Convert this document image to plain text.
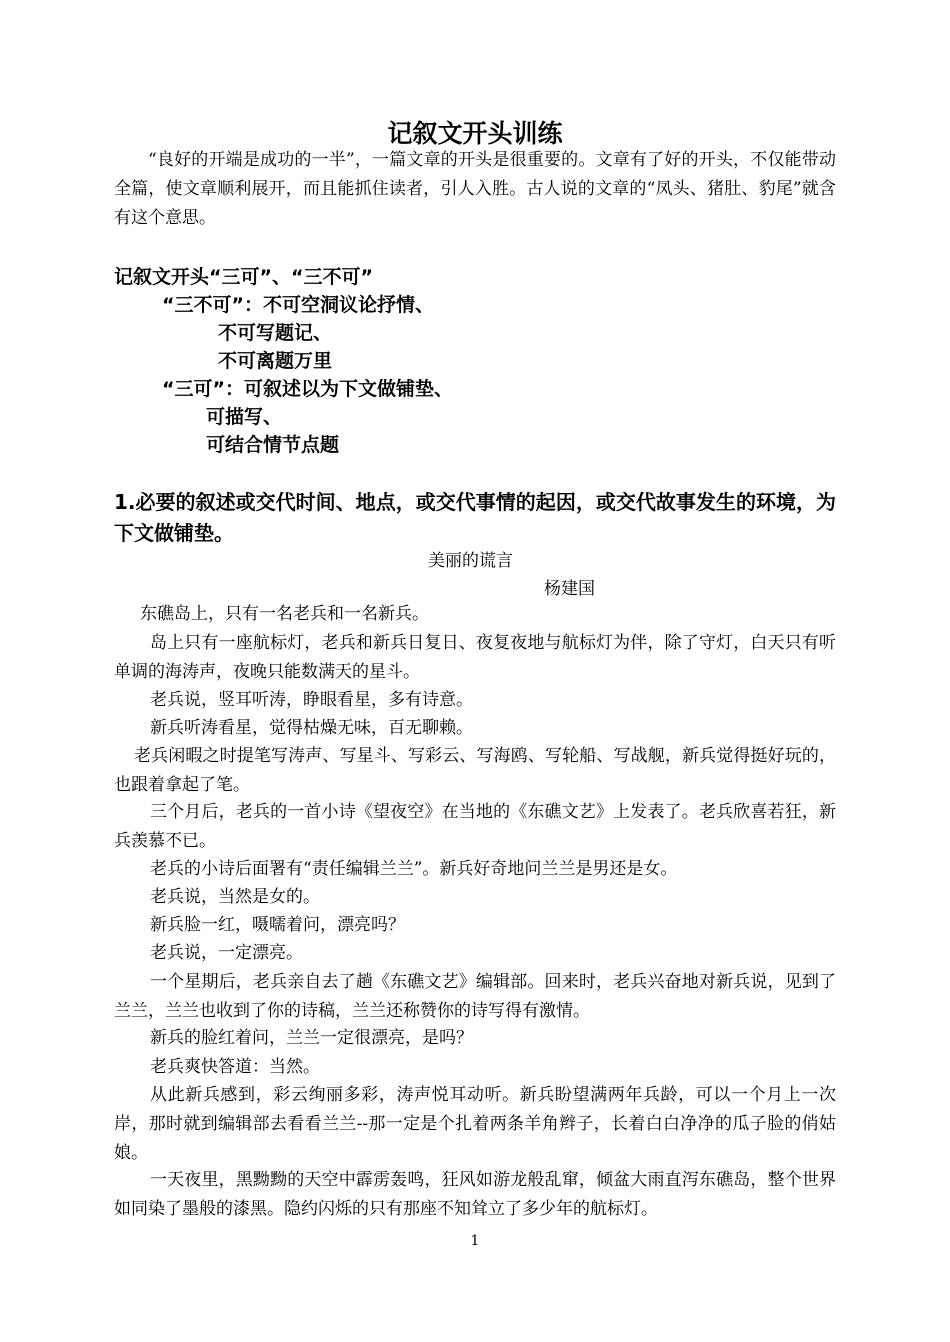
记叙文开头训练
“良好的开端是成功的一半”，一篇文章的开头是很重要的。文章有了好的开头，不仅能带动全篇，使文章顺利展开，而且能抓住读者，引人入胜。古人说的文章的“凤头、猪肚、豹尾”就含有这个意思。
记叙文开头“三可”、“三不可”
“三不可”：不可空洞议论抒情、
不可写题记、
不可离题万里
“三可”：可叙述以为下文做铺垫、
可描写、
可结合情节点题
1.必要的叙述或交代时间、地点，或交代事情的起因，或交代故事发生的环境，为下文做铺垫。
美丽的谎言
杨建国
东礁岛上，只有一名老兵和一名新兵。
岛上只有一座航标灯，老兵和新兵日复日、夜复夜地与航标灯为伴，除了守灯，白天只有听单调的海涛声，夜晚只能数满天的星斗。
老兵说，竖耳听涛，睁眼看星，多有诗意。
新兵听涛看星，觉得枯燥无味，百无聊赖。
老兵闲暇之时提笔写涛声、写星斗、写彩云、写海鸥、写轮船、写战舰，新兵觉得挺好玩的，也跟着拿起了笔。
三个月后，老兵的一首小诗《望夜空》在当地的《东礁文艺》上发表了。老兵欣喜若狂，新兵羡慕不已。
老兵的小诗后面署有“责任编辑兰兰”。新兵好奇地问兰兰是男还是女。
老兵说，当然是女的。
新兵脸一红，嗫嚅着问，漂亮吗？
老兵说，一定漂亮。
一个星期后，老兵亲自去了趟《东礁文艺》编辑部。回来时，老兵兴奋地对新兵说，见到了兰兰，兰兰也收到了你的诗稿，兰兰还称赞你的诗写得有激情。
新兵的脸红着问，兰兰一定很漂亮，是吗？
老兵爽快答道：当然。
从此新兵感到，彩云绚丽多彩，涛声悦耳动听。新兵盼望满两年兵龄，可以一个月上一次岸，那时就到编辑部去看看兰兰--那一定是个扎着两条羊角辫子，长着白白净净的瓜子脸的俏姑娘。
一天夜里，黑黝黝的天空中霹雳轰鸣，狂风如游龙般乱窜，倾盆大雨直泻东礁岛，整个世界如同染了墨般的漆黑。隐约闪烁的只有那座不知耸立了多少年的航标灯。
1
